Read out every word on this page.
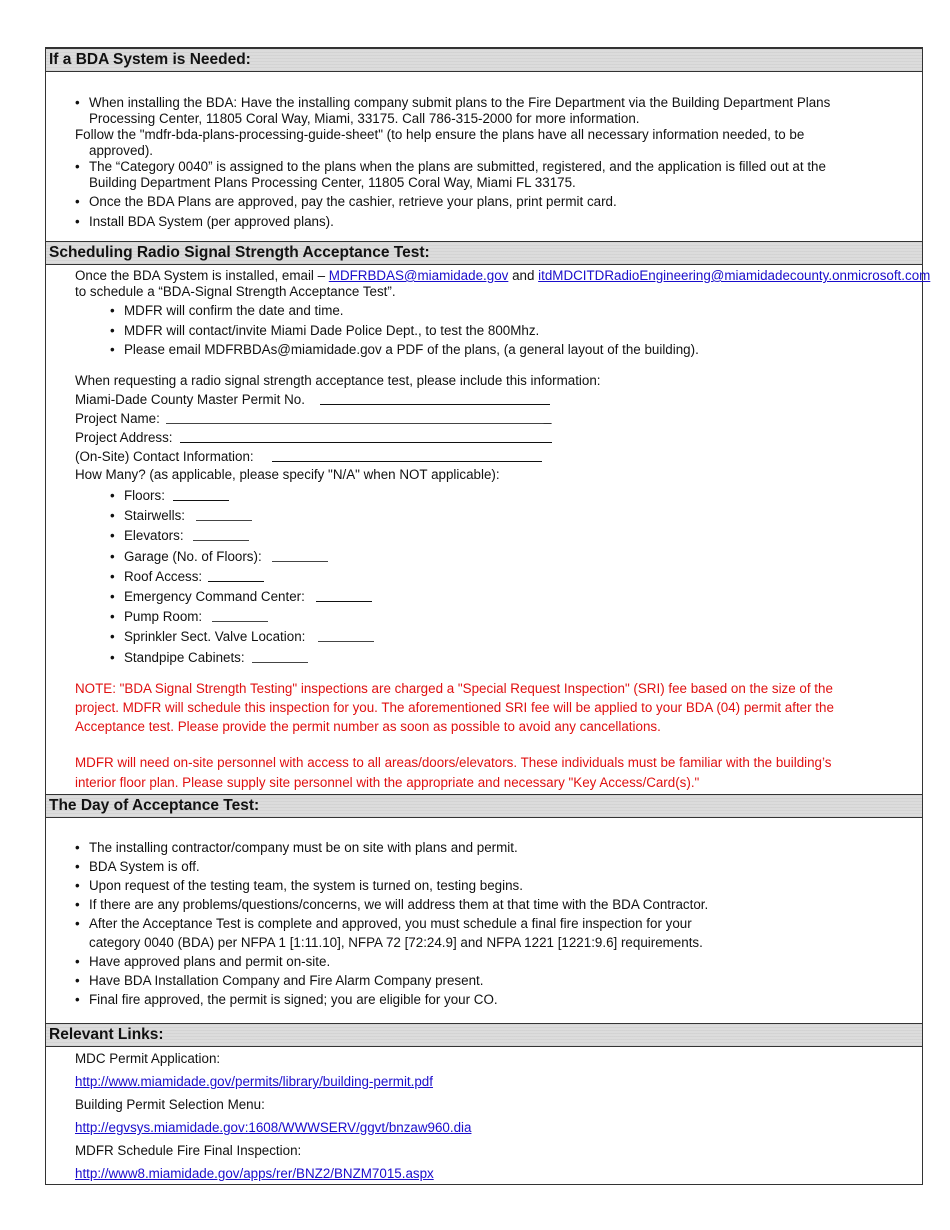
If a BDA System is Needed:
• When installing the BDA: Have the installing company submit plans to the Fire Department via the Building Department Plans
Processing Center, 11805 Coral Way, Miami, 33175. Call 786-315-2000 for more information.
Follow the "mdfr-bda-plans-processing-guide-sheet" (to help ensure the plans have all necessary information needed, to be
approved).
• The “Category 0040” is assigned to the plans when the plans are submitted, registered, and the application is filled out at the
Building Department Plans Processing Center, 11805 Coral Way, Miami FL 33175.
• Once the BDA Plans are approved, pay the cashier, retrieve your plans, print permit card.
• Install BDA System (per approved plans).
Scheduling Radio Signal Strength Acceptance Test:
Once the BDA System is installed, email – MDFRBDAS@miamidade.gov and itdMDCITDRadioEngineering@miamidadecounty.onmicrosoft.com
to schedule a “BDA-Signal Strength Acceptance Test”.
• MDFR will confirm the date and time.
• MDFR will contact/invite Miami Dade Police Dept., to test the 800Mhz.
• Please email MDFRBDAs@miamidade.gov a PDF of the plans, (a general layout of the building).
When requesting a radio signal strength acceptance test, please include this information:
Miami-Dade County Master Permit No.
Project Name:	_
Project Address:
(On-Site) Contact Information:
How Many? (as applicable, please specify "N/A" when NOT applicable):
• Floors:
• Stairwells:
• Elevators:
• Garage (No. of Floors):
• Roof Access:
• Emergency Command Center:
• Pump Room:
• Sprinkler Sect. Valve Location:
• Standpipe Cabinets:
NOTE: "BDA Signal Strength Testing" inspections are charged a "Special Request Inspection" (SRI) fee based on the size of the
project. MDFR will schedule this inspection for you. The aforementioned SRI fee will be applied to your BDA (04) permit after the
Acceptance test. Please provide the permit number as soon as possible to avoid any cancellations.
MDFR will need on-site personnel with access to all areas/doors/elevators. These individuals must be familiar with the building’s
interior floor plan. Please supply site personnel with the appropriate and necessary "Key Access/Card(s)."
The Day of Acceptance Test:
• The installing contractor/company must be on site with plans and permit.
• BDA System is off.
• Upon request of the testing team, the system is turned on, testing begins.
• If there are any problems/questions/concerns, we will address them at that time with the BDA Contractor.
• After the Acceptance Test is complete and approved, you must schedule a final fire inspection for your
category 0040 (BDA) per NFPA 1 [1:11.10], NFPA 72 [72:24.9] and NFPA 1221 [1221:9.6] requirements.
• Have approved plans and permit on-site.
• Have BDA Installation Company and Fire Alarm Company present.
• Final fire approved, the permit is signed; you are eligible for your CO.
Relevant Links:
MDC Permit Application:
http://www.miamidade.gov/permits/library/building-permit.pdf
Building Permit Selection Menu:
http://egvsys.miamidade.gov:1608/WWWSERV/ggvt/bnzaw960.dia
MDFR Schedule Fire Final Inspection:
http://www8.miamidade.gov/apps/rer/BNZ2/BNZM7015.aspx
